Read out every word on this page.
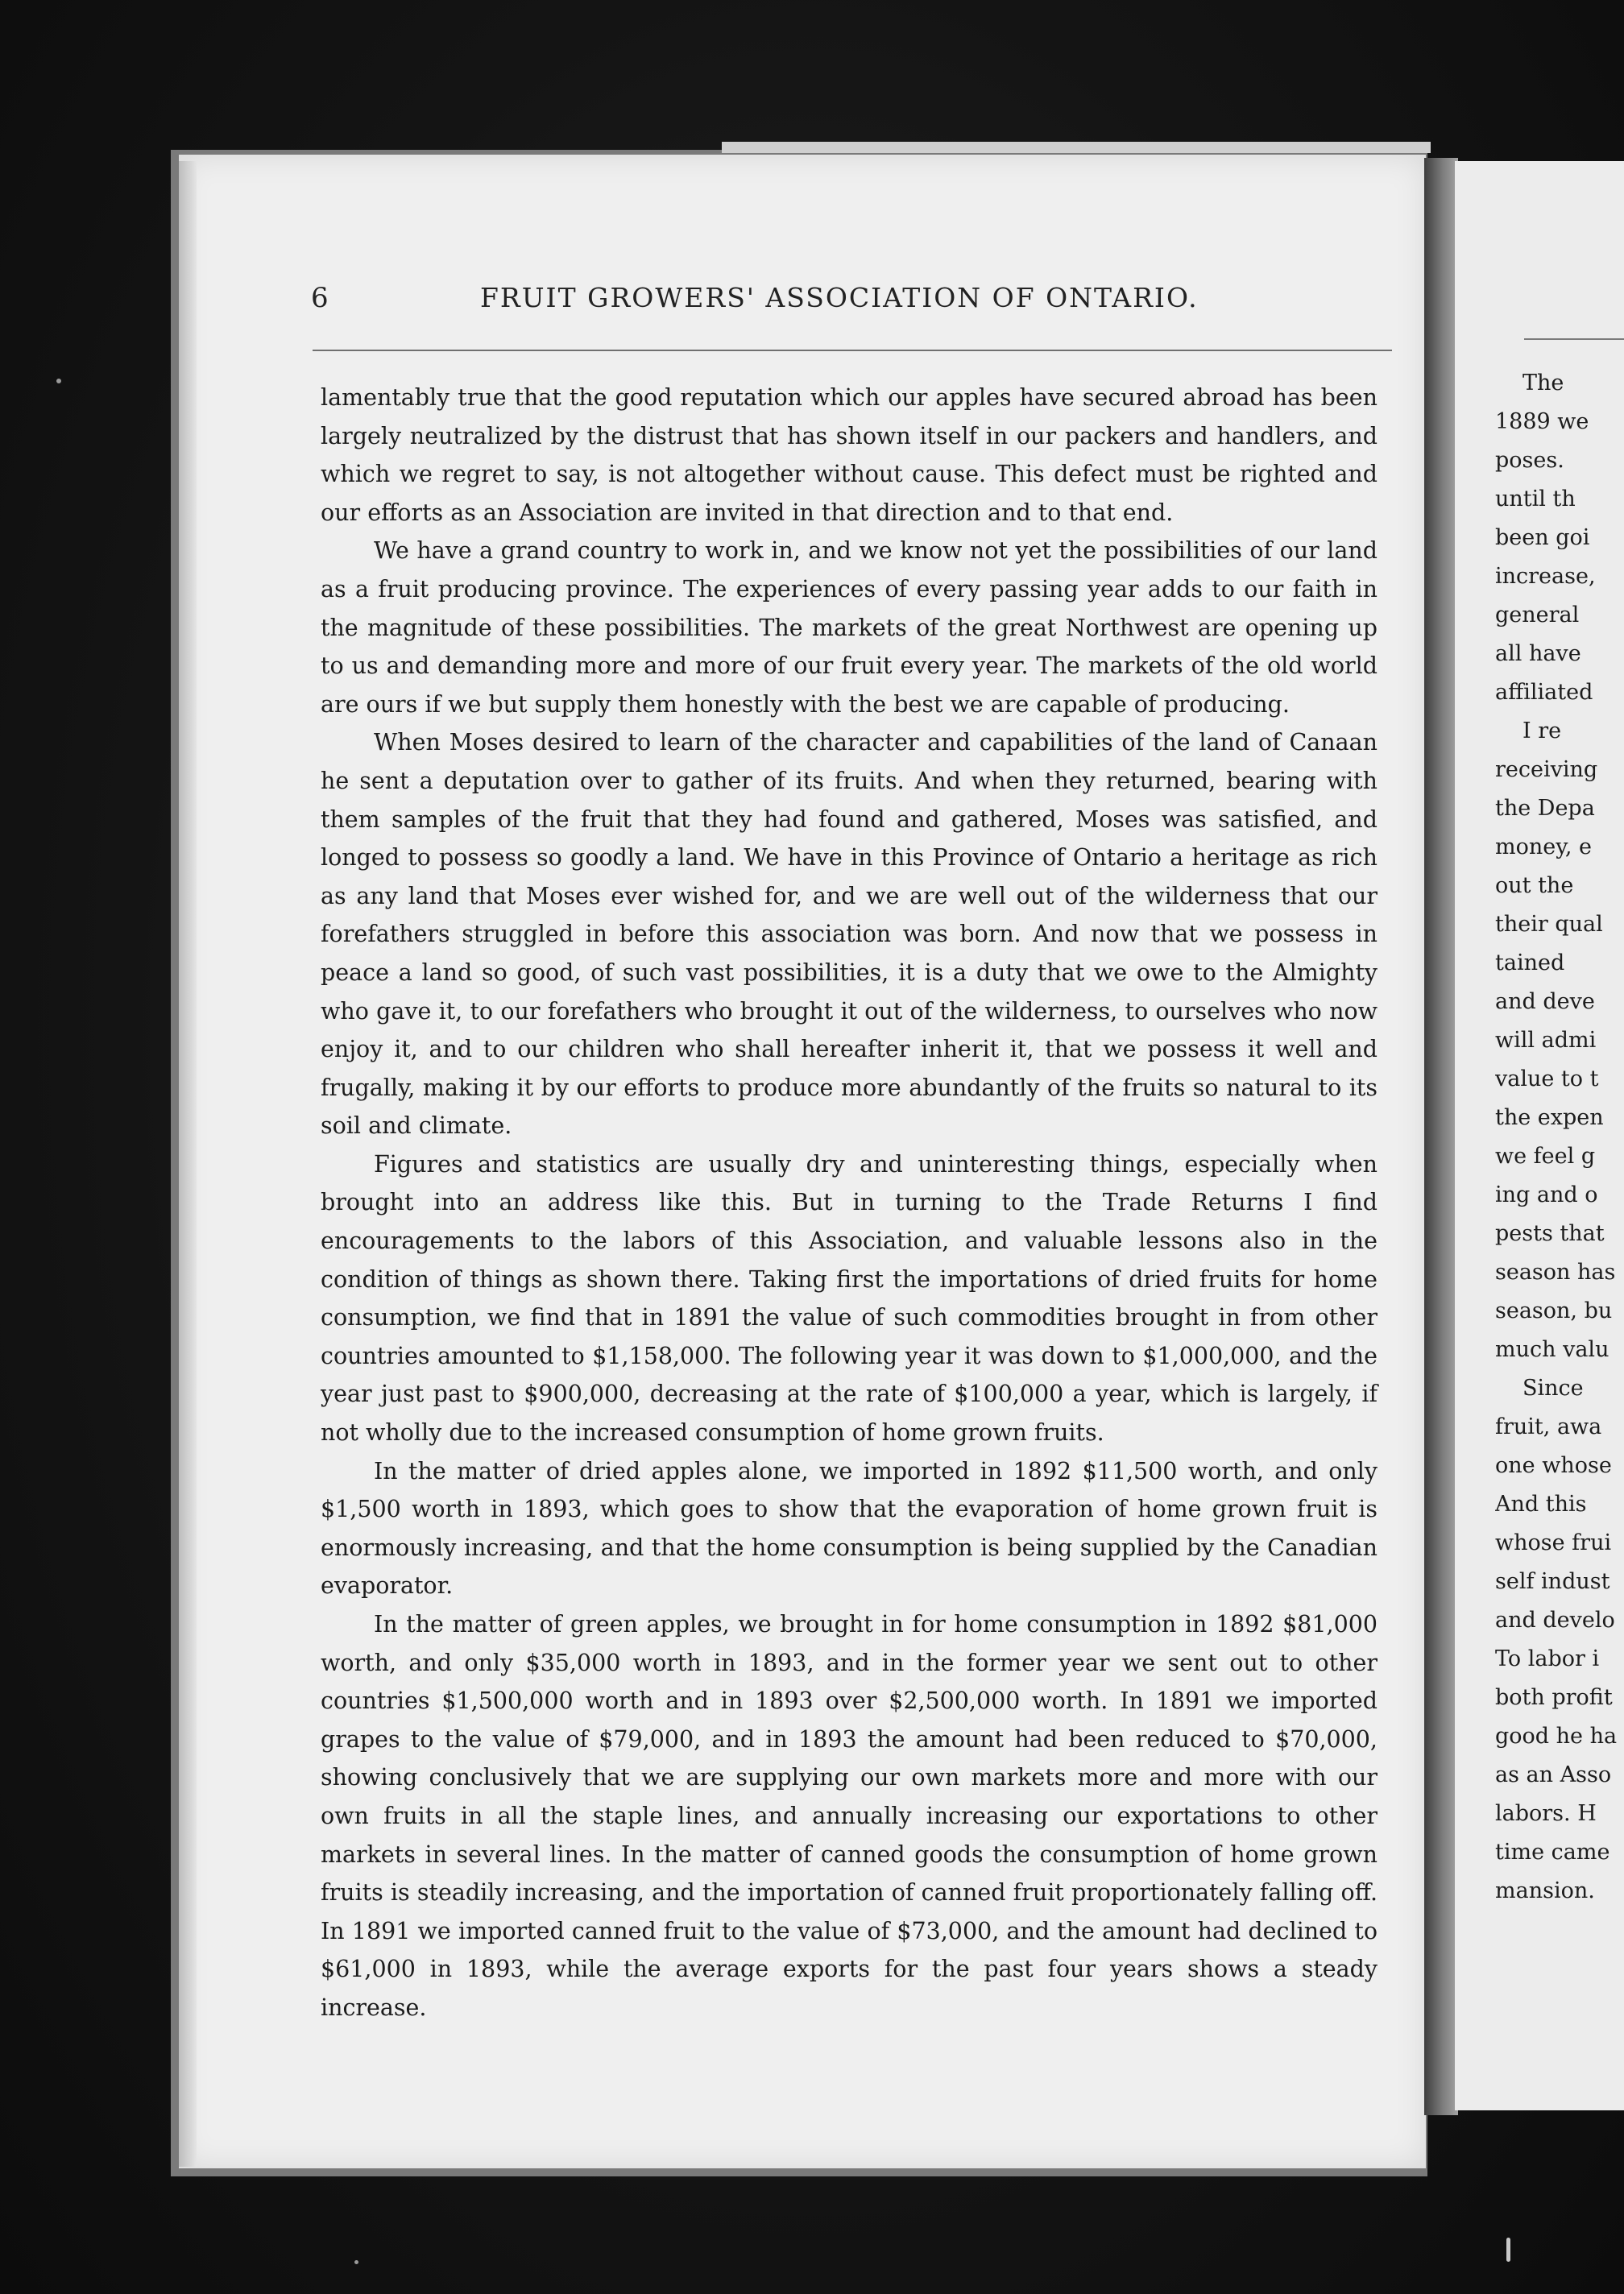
6	FRUIT GROWERS' ASSOCIATION OF ONTARIO.

lamentably true that the good reputation which our apples have secured abroad has been largely neutralized by the distrust that has shown itself in our packers and handlers, and which we regret to say, is not altogether without cause. This defect must be righted and our efforts as an Association are invited in that direction and to that end.

We have a grand country to work in, and we know not yet the possibilities of our land as a fruit producing province. The experiences of every passing year adds to our faith in the magnitude of these possibilities. The markets of the great Northwest are opening up to us and demanding more and more of our fruit every year. The markets of the old world are ours if we but supply them honestly with the best we are capable of producing.

When Moses desired to learn of the character and capabilities of the land of Canaan he sent a deputation over to gather of its fruits. And when they returned, bearing with them samples of the fruit that they had found and gathered, Moses was satisfied, and longed to possess so goodly a land. We have in this Province of Ontario a heritage as rich as any land that Moses ever wished for, and we are well out of the wilderness that our forefathers struggled in before this association was born. And now that we possess in peace a land so good, of such vast possibilities, it is a duty that we owe to the Almighty who gave it, to our forefathers who brought it out of the wilderness, to ourselves who now enjoy it, and to our children who shall hereafter inherit it, that we possess it well and frugally, making it by our efforts to produce more abundantly of the fruits so natural to its soil and climate.

Figures and statistics are usually dry and uninteresting things, especially when brought into an address like this. But in turning to the Trade Returns I find encouragements to the labors of this Association, and valuable lessons also in the condition of things as shown there. Taking first the importations of dried fruits for home consumption, we find that in 1891 the value of such commodities brought in from other countries amounted to $1,158,000. The following year it was down to $1,000,000, and the year just past to $900,000, decreasing at the rate of $100,000 a year, which is largely, if not wholly due to the increased consumption of home grown fruits.

In the matter of dried apples alone, we imported in 1892 $11,500 worth, and only $1,500 worth in 1893, which goes to show that the evaporation of home grown fruit is enormously increasing, and that the home consumption is being supplied by the Canadian evaporator.

In the matter of green apples, we brought in for home consumption in 1892 $81,000 worth, and only $35,000 worth in 1893, and in the former year we sent out to other countries $1,500,000 worth and in 1893 over $2,500,000 worth. In 1891 we imported grapes to the value of $79,000, and in 1893 the amount had been reduced to $70,000, showing conclusively that we are supplying our own markets more and more with our own fruits in all the staple lines, and annually increasing our exportations to other markets in several lines. In the matter of canned goods the consumption of home grown fruits is steadily increasing, and the importation of canned fruit proportionately falling off. In 1891 we imported canned fruit to the value of $73,000, and the amount had declined to $61,000 in 1893, while the average exports for the past four years shows a steady increase.

The
1889 we
poses.
until th
been goi
increase,
general
all have
affiliated
I re
receiving
the Depa
money, e
out the
their qual
tained
and deve
will admi
value to t
the expen
we feel g
ing and o
pests that
season has
season, bu
much valu
Since
fruit, awa
one whose
And this
whose frui
self indust
and develo
To labor i
both profit
good he ha
as an Asso
labors. H
time came
mansion.
